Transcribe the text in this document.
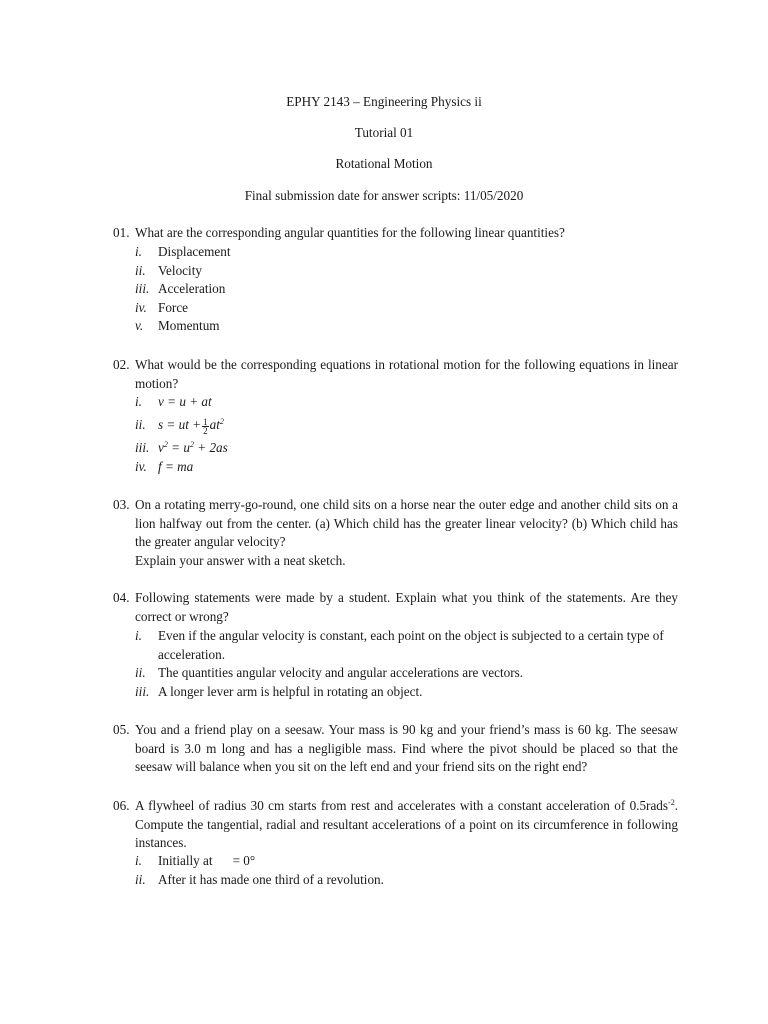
EPHY 2143 – Engineering Physics ii
Tutorial 01
Rotational Motion
Final submission date for answer scripts: 11/05/2020
01. What are the corresponding angular quantities for the following linear quantities?
i. Displacement
ii. Velocity
iii. Acceleration
iv. Force
v. Momentum
02. What would be the corresponding equations in rotational motion for the following equations in linear motion?
i. v = u + at
ii. s = ut + $\frac{1}{2} at^2$
iii. $v^2 = u^2 + 2as$
iv. f = ma
03. On a rotating merry-go-round, one child sits on a horse near the outer edge and another child sits on a lion halfway out from the center. (a) Which child has the greater linear velocity? (b) Which child has the greater angular velocity?
Explain your answer with a neat sketch.
04. Following statements were made by a student. Explain what you think of the statements. Are they correct or wrong?
i. Even if the angular velocity is constant, each point on the object is subjected to a certain type of acceleration.
ii. The quantities angular velocity and angular accelerations are vectors.
iii. A longer lever arm is helpful in rotating an object.
05. You and a friend play on a seesaw. Your mass is 90 kg and your friend’s mass is 60 kg. The seesaw board is 3.0 m long and has a negligible mass. Find where the pivot should be placed so that the seesaw will balance when you sit on the left end and your friend sits on the right end?
06. A flywheel of radius 30 cm starts from rest and accelerates with a constant acceleration of 0.5rads$^{-2}$. Compute the tangential, radial and resultant accelerations of a point on its circumference in following instances.
i. Initially at = 0°
ii. After it has made one third of a revolution.
